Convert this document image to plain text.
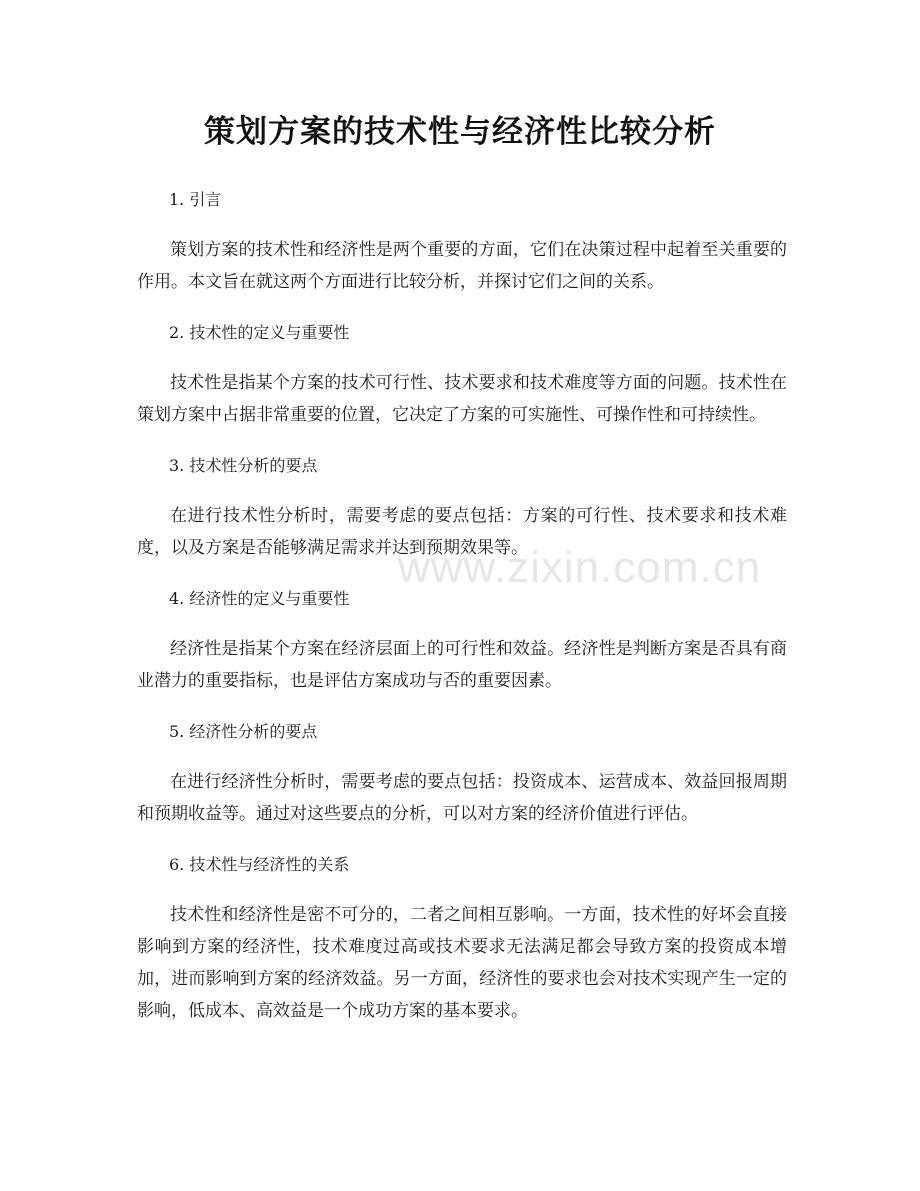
www.zixin.com.cn
策划方案的技术性与经济性比较分析
1. 引言

策划方案的技术性和经济性是两个重要的方面，它们在决策过程中起着至关重要的作用。本文旨在就这两个方面进行比较分析，并探讨它们之间的关系。

2. 技术性的定义与重要性

技术性是指某个方案的技术可行性、技术要求和技术难度等方面的问题。技术性在策划方案中占据非常重要的位置，它决定了方案的可实施性、可操作性和可持续性。

3. 技术性分析的要点

在进行技术性分析时，需要考虑的要点包括：方案的可行性、技术要求和技术难度，以及方案是否能够满足需求并达到预期效果等。

4. 经济性的定义与重要性

经济性是指某个方案在经济层面上的可行性和效益。经济性是判断方案是否具有商业潜力的重要指标，也是评估方案成功与否的重要因素。

5. 经济性分析的要点

在进行经济性分析时，需要考虑的要点包括：投资成本、运营成本、效益回报周期和预期收益等。通过对这些要点的分析，可以对方案的经济价值进行评估。

6. 技术性与经济性的关系

技术性和经济性是密不可分的，二者之间相互影响。一方面，技术性的好坏会直接影响到方案的经济性，技术难度过高或技术要求无法满足都会导致方案的投资成本增加，进而影响到方案的经济效益。另一方面，经济性的要求也会对技术实现产生一定的影响，低成本、高效益是一个成功方案的基本要求。
